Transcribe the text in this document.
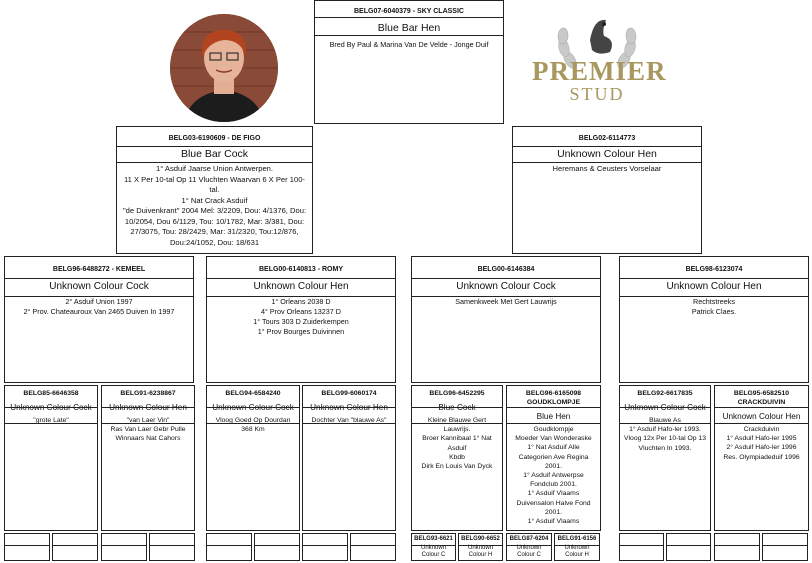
PREMIER
STUD
BELG07-6040379 - SKY CLASSIC
Blue Bar Hen
Bred By Paul & Marina Van De Velde - Jonge Duif
BELG03-6190609 - DE FIGO
Blue Bar Cock
1° Asduif Jaarse Union Antwerpen.
11 X Per 10-tal Op 11 Vluchten Waarvan 6 X Per 100-tal.
1° Nat Crack Asduif
"de Duivenkrant" 2004 Mel: 3/2209, Dou: 4/1376, Dou: 10/2054, Dou 6/1129, Tou: 10/1782, Mar: 3/381, Dou: 27/3075, Tou: 28/2429, Mar: 31/2320, Tou:12/876, Dou:24/1052, Dou: 18/631
BELG02-6114773
Unknown Colour Hen
Heremans & Ceusters Vorselaar
BELG96-6488272 - KEMEEL
Unknown Colour Cock
2° Asduif Union 1997
2° Prov. Chateauroux Van 2465 Duiven In 1997
BELG00-6140813 - ROMY
Unknown Colour Hen
1° Orleans 2038 D
4° Prov Orleans 13237 D
1° Tours 303 D Zuiderkempen
1° Prov Bourges Duivinnen
BELG00-6146384
Unknown Colour Cock
Samenkweek Met Gert Lauwrijs
BELG98-6123074
Unknown Colour Hen
Rechtstreeks
Patrick Claes.
BELG85-6646358
Unknown Colour Cock
"grote Late"
BELG91-6238867
Unknown Colour Hen
"van Laer Vin"
Ras Van Laer Gebr Pulle
Winnaars Nat Cahors
BELG94-6584240
Unknown Colour Cock
Vloog Goed Op Dourdan
368 Km
BELG99-6060174
Unknown Colour Hen
Dochter Van "blauwe As"
BELG96-6452295
Blue Cock
Kleine Blauwe Gert
Lauwrijs.
Broer Kannibaal 1° Nat
Asduif
Kbdb
Dirk En Louis Van Dyck
BELG96-6165098
GOUDKLOMPJE
Blue Hen
Goudklompje
Moeder Van Wonderaske
1° Nat Asduif Alle
Categorien Ave Regina
2001.
1° Asduif Antwerpse
Fondclub 2001.
1° Asduif Vlaams
Duivensalon Halve Fond
2001.
1° Asduif Vlaams
BELG92-6617835
Unknown Colour Cock
Blauwe As
1° Asduif Hafo-ler 1993.
Vloog 12x Per 10-tal Op 13
Vluchten In 1993.
BELG95-6582510
CRACKDUIVIN
Unknown Colour Hen
Crackduivin
1° Asduif Hafo-ler 1995
2° Asduif Hafo-ler 1996
Res. Olympiadeduif 1996
BELG93-6621
Unknown
Colour C
BELG90-6652
Unknown
Colour H
BELG87-6204
Unknown
Colour C
BELG91-6156
Unknown
Colour H
